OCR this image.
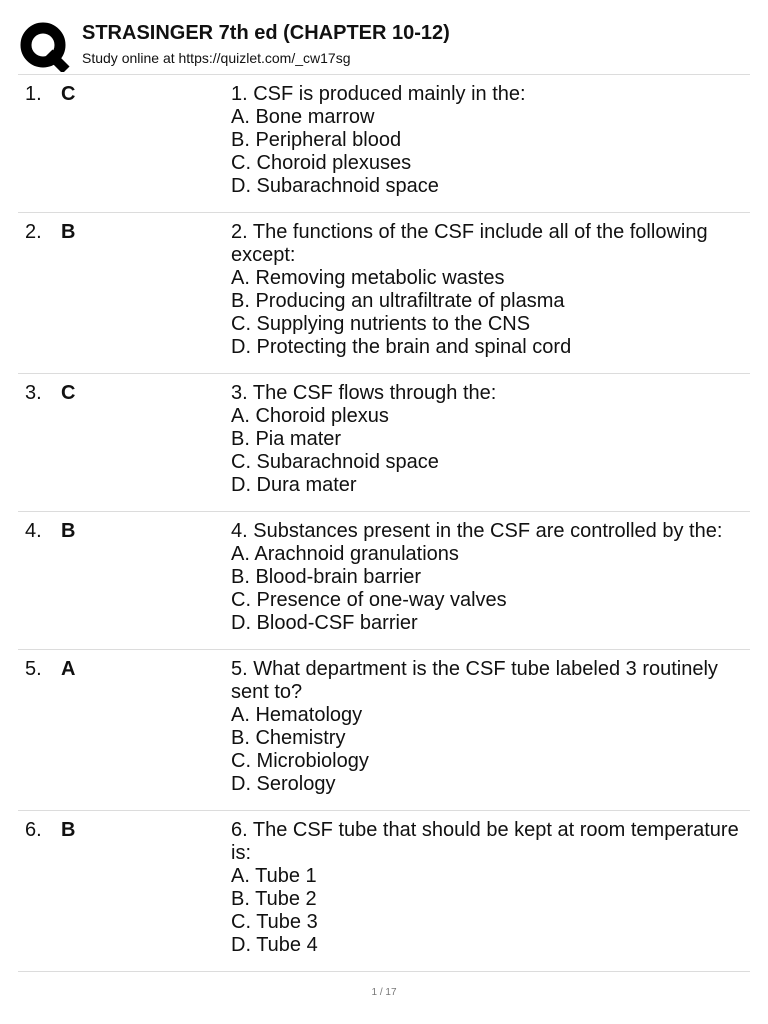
STRASINGER 7th ed (CHAPTER 10-12)
Study online at https://quizlet.com/_cw17sg
1. C	1. CSF is produced mainly in the:
A. Bone marrow
B. Peripheral blood
C. Choroid plexuses
D. Subarachnoid space
2. B	2. The functions of the CSF include all of the following except:
A. Removing metabolic wastes
B. Producing an ultrafiltrate of plasma
C. Supplying nutrients to the CNS
D. Protecting the brain and spinal cord
3. C	3. The CSF flows through the:
A. Choroid plexus
B. Pia mater
C. Subarachnoid space
D. Dura mater
4. B	4. Substances present in the CSF are controlled by the:
A. Arachnoid granulations
B. Blood-brain barrier
C. Presence of one-way valves
D. Blood-CSF barrier
5. A	5. What department is the CSF tube labeled 3 routinely sent to?
A. Hematology
B. Chemistry
C. Microbiology
D. Serology
6. B	6. The CSF tube that should be kept at room temperature is:
A. Tube 1
B. Tube 2
C. Tube 3
D. Tube 4
1 / 17
